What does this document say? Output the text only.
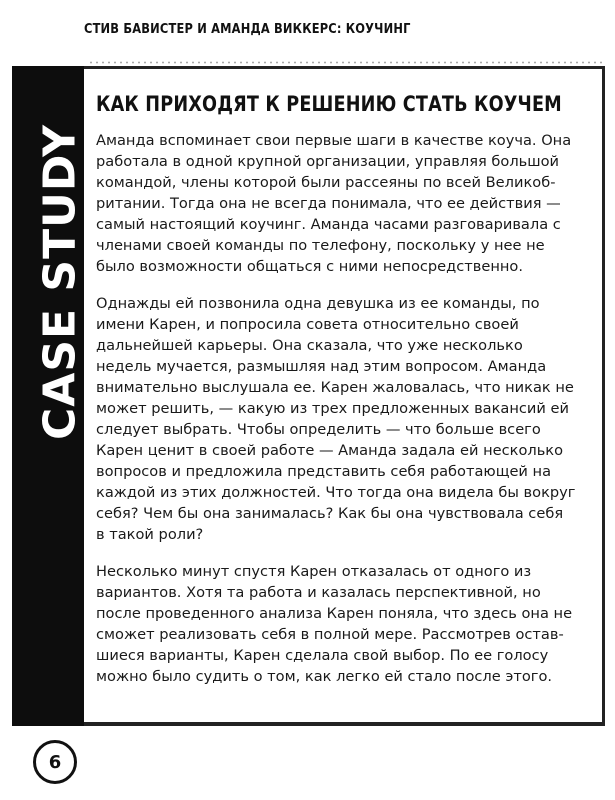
СТИВ БАВИСТЕР И АМАНДА ВИККЕРС: КОУЧИНГ
CASE STUDY
КАК ПРИХОДЯТ К РЕШЕНИЮ СТАТЬ КОУЧЕМ

Аманда вспоминает свои первые шаги в качестве коуча. Она
работала в одной крупной организации, управляя большой
командой, члены которой были рассеяны по всей Великоб-
ритании. Тогда она не всегда понимала, что ее действия —
самый настоящий коучинг. Аманда часами разговаривала с
членами своей команды по телефону, поскольку у нее не
было возможности общаться с ними непосредственно.

Однажды ей позвонила одна девушка из ее команды, по
имени Карен, и попросила совета относительно своей
дальнейшей карьеры. Она сказала, что уже несколько
недель мучается, размышляя над этим вопросом. Аманда
внимательно выслушала ее. Карен жаловалась, что никак не
может решить, — какую из трех предложенных вакансий ей
следует выбрать. Чтобы определить — что больше всего
Карен ценит в своей работе — Аманда задала ей несколько
вопросов и предложила представить себя работающей на
каждой из этих должностей. Что тогда она видела бы вокруг
себя? Чем бы она занималась? Как бы она чувствовала себя
в такой роли?

Несколько минут спустя Карен отказалась от одного из
вариантов. Хотя та работа и казалась перспективной, но
после проведенного анализа Карен поняла, что здесь она не
сможет реализовать себя в полной мере. Рассмотрев остав-
шиеся варианты, Карен сделала свой выбор. По ее голосу
можно было судить о том, как легко ей стало после этого.

6
